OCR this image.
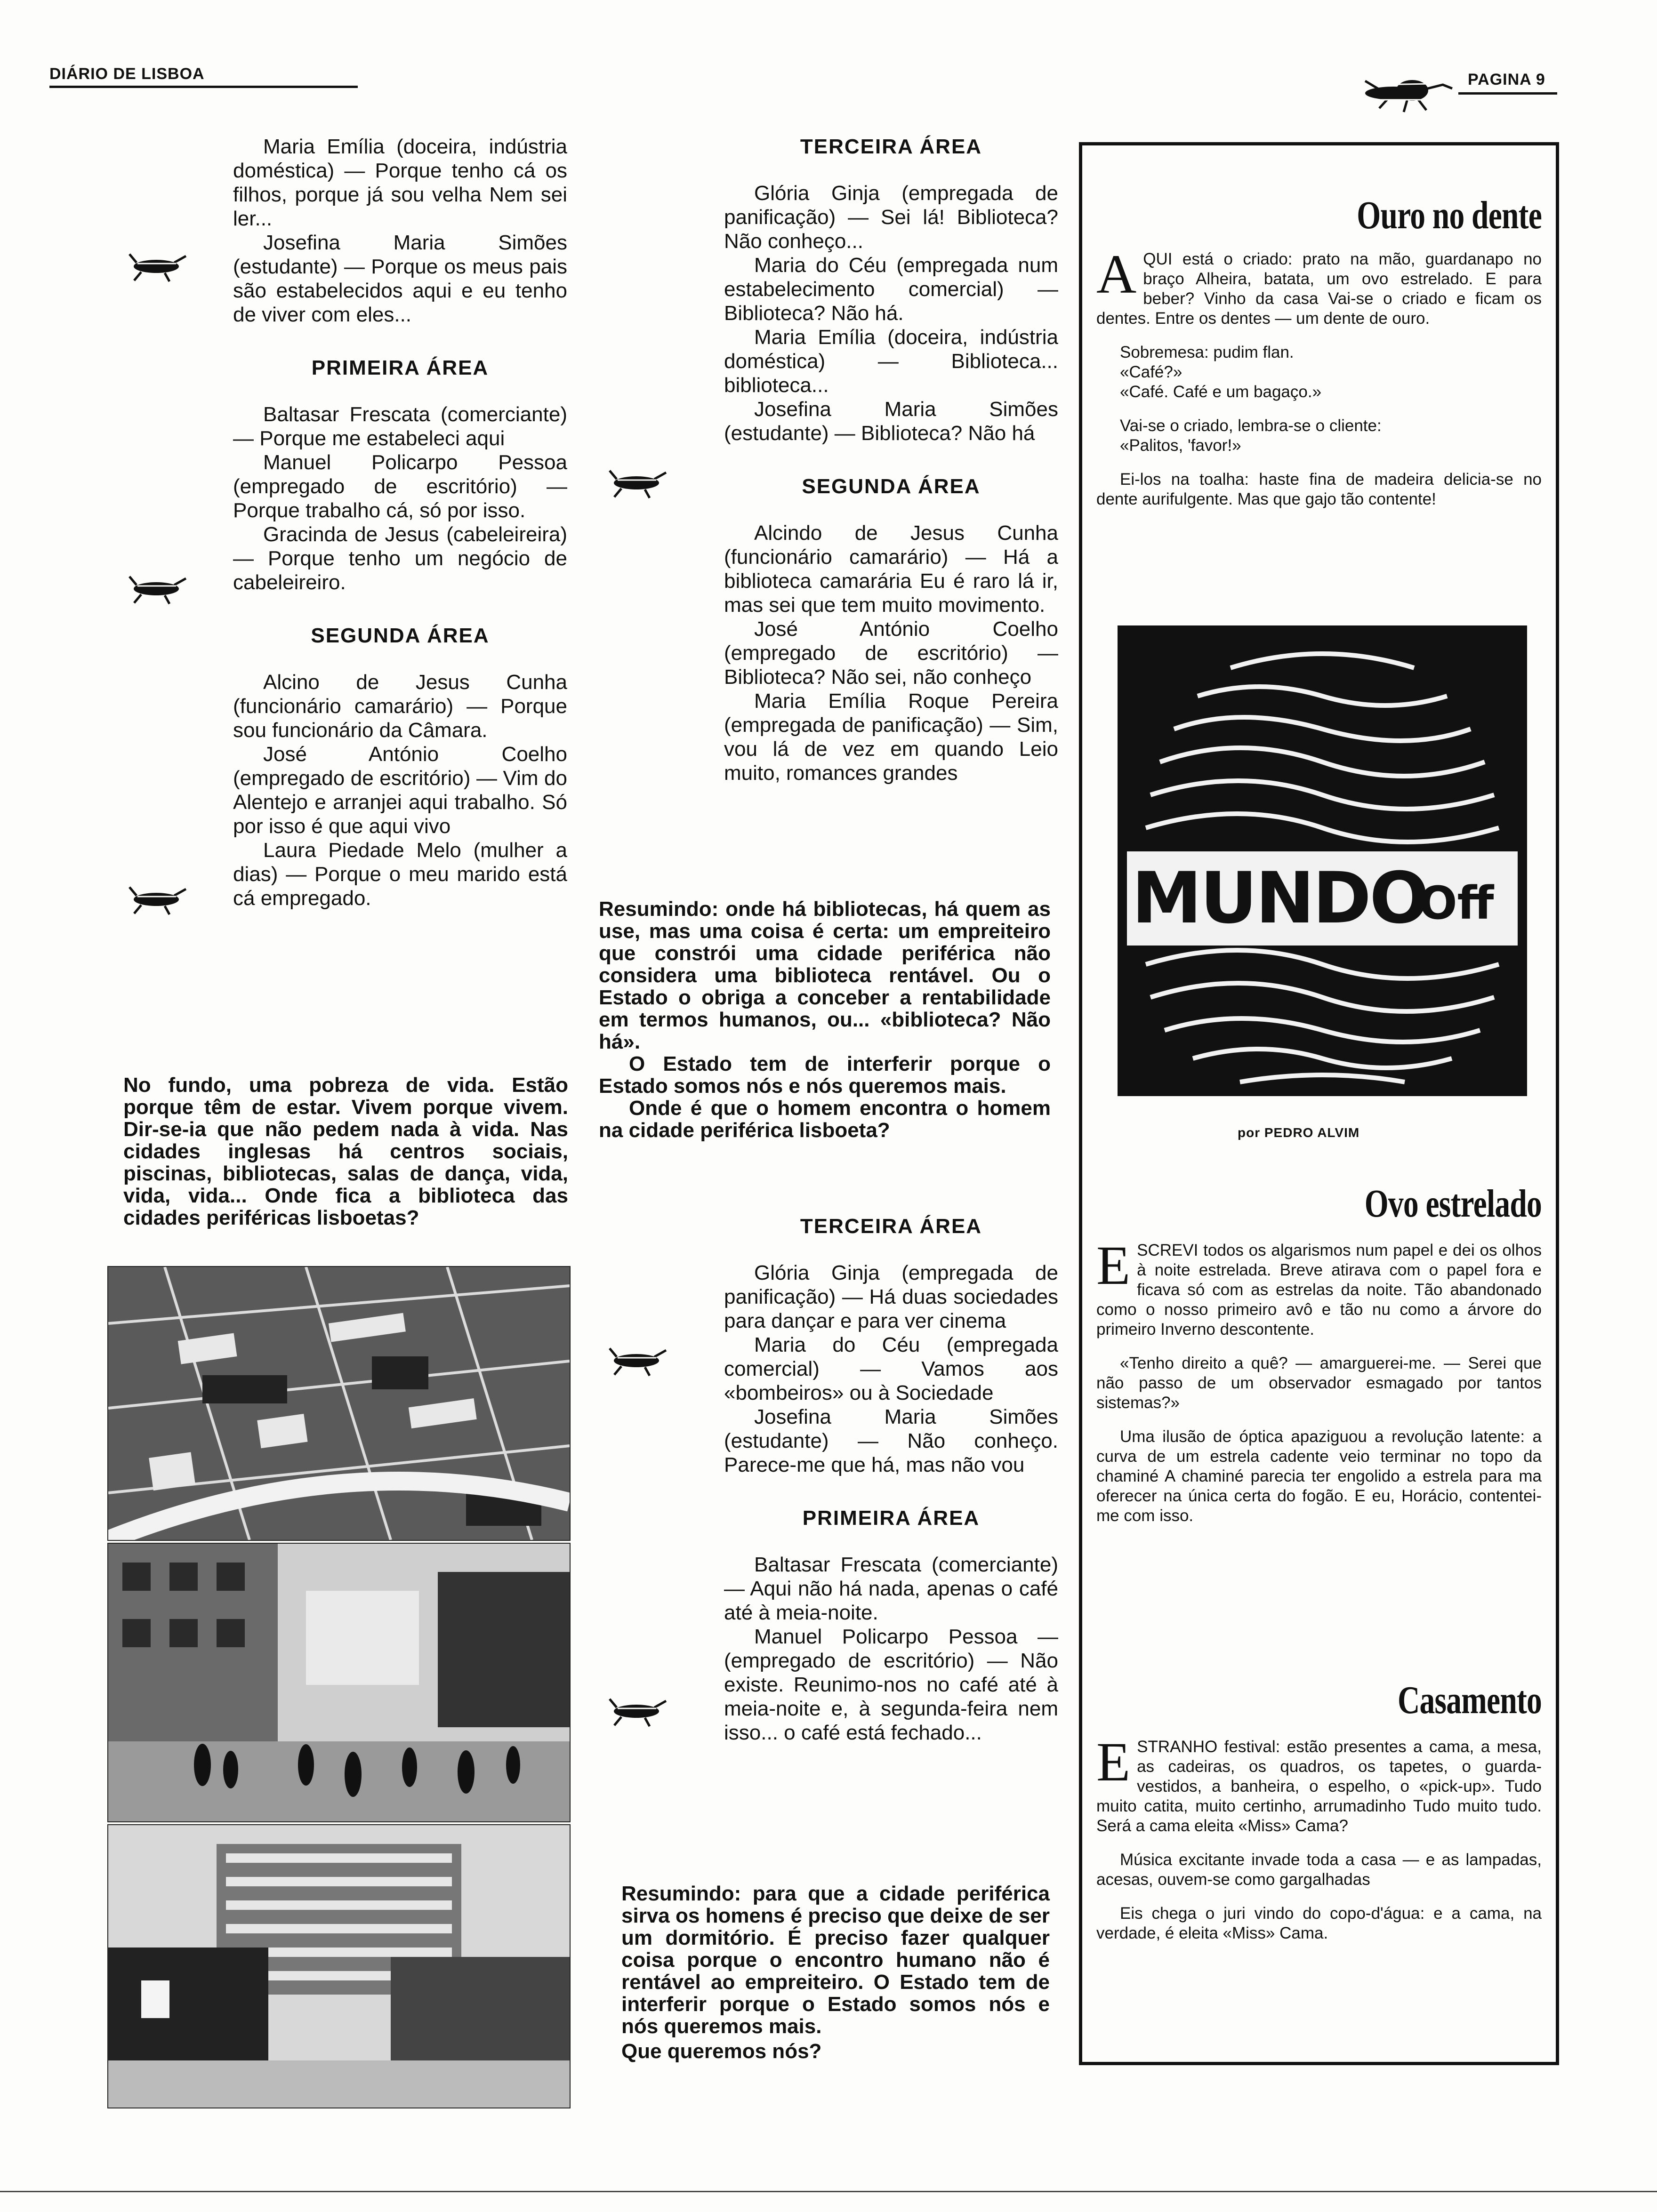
DIÁRIO DE LISBOA	PAGINA 9

Maria Emília (doceira, indústria doméstica) — Porque tenho cá os filhos, porque já sou velha Nem sei ler...

Josefina Maria Simões (estudante) — Porque os meus pais são estabelecidos aqui e eu tenho de viver com eles...

PRIMEIRA ÁREA

Baltasar Frescata (comerciante) — Porque me estabeleci aqui

Manuel Policarpo Pessoa (empregado de escritório) — Porque trabalho cá, só por isso.

Gracinda de Jesus (cabeleireira) — Porque tenho um negócio de cabeleireiro.

SEGUNDA ÁREA

Alcino de Jesus Cunha (funcionário camarário) — Porque sou funcionário da Câmara.

José António Coelho (empregado de escritório) — Vim do Alentejo e arranjei aqui trabalho. Só por isso é que aqui vivo

Laura Piedade Melo (mulher a dias) — Porque o meu marido está cá empregado.

No fundo, uma pobreza de vida. Estão porque têm de estar. Vivem porque vivem. Dir-se-ia que não pedem nada à vida. Nas cidades inglesas há centros sociais, piscinas, bibliotecas, salas de dança, vida, vida, vida... Onde fica a biblioteca das cidades periféricas lisboetas?

TERCEIRA ÁREA

Glória Ginja (empregada de panificação) — Sei lá! Biblioteca? Não conheço...

Maria do Céu (empregada num estabelecimento comercial) — Biblioteca? Não há.

Maria Emília (doceira, indústria doméstica) — Biblioteca... biblioteca...

Josefina Maria Simões (estudante) — Biblioteca? Não há

SEGUNDA ÁREA

Alcindo de Jesus Cunha (funcionário camarário) — Há a biblioteca camarária Eu é raro lá ir, mas sei que tem muito movimento.

José António Coelho (empregado de escritório) — Biblioteca? Não sei, não conheço

Maria Emília Roque Pereira (empregada de panificação) — Sim, vou lá de vez em quando Leio muito, romances grandes

Resumindo: onde há bibliotecas, há quem as use, mas uma coisa é certa: um empreiteiro que constrói uma cidade periférica não considera uma biblioteca rentável. Ou o Estado o obriga a conceber a rentabilidade em termos humanos, ou... «biblioteca? Não há».

O Estado tem de interferir porque o Estado somos nós e nós queremos mais.

Onde é que o homem encontra o homem na cidade periférica lisboeta?

TERCEIRA ÁREA

Glória Ginja (empregada de panificação) — Há duas sociedades para dançar e para ver cinema

Maria do Céu (empregada comercial) — Vamos aos «bombeiros» ou à Sociedade

Josefina Maria Simões (estudante) — Não conheço. Parece-me que há, mas não vou

PRIMEIRA ÁREA

Baltasar Frescata (comerciante) — Aqui não há nada, apenas o café até à meia-noite.

Manuel Policarpo Pessoa — (empregado de escritório) — Não existe. Reunimo-nos no café até à meia-noite e, à segunda-feira nem isso... o café está fechado...

Resumindo: para que a cidade periférica sirva os homens é preciso que deixe de ser um dormitório. É preciso fazer qualquer coisa porque o encontro humano não é rentável ao empreiteiro. O Estado tem de interferir porque o Estado somos nós e nós queremos mais.

Que queremos nós?

Ouro no dente

AQUI está o criado: prato na mão, guardanapo no braço Alheira, batata, um ovo estrelado. E para beber? Vinho da casa Vai-se o criado e ficam os dentes. Entre os dentes — um dente de ouro.

Sobremesa: pudim flan.

«Café?»

«Café. Café e um bagaço.»

Vai-se o criado, lembra-se o cliente:

«Palitos, 'favor!»

Ei-los na toalha: haste fina de madeira delicia-se no dente aurifulgente. Mas que gajo tão contente!

MUNDO
Off
por PEDRO ALVIM
Ovo estrelado

ESCREVI todos os algarismos num papel e dei os olhos à noite estrelada. Breve atirava com o papel fora e ficava só com as estrelas da noite. Tão abandonado como o nosso primeiro avô e tão nu como a árvore do primeiro Inverno descontente.

«Tenho direito a quê? — amarguerei-me. — Serei que não passo de um observador esmagado por tantos sistemas?»

Uma ilusão de óptica apaziguou a revolução latente: a curva de um estrela cadente veio terminar no topo da chaminé A chaminé parecia ter engolido a estrela para ma oferecer na única certa do fogão. E eu, Horácio, contentei-me com isso.

Casamento

ESTRANHO festival: estão presentes a cama, a mesa, as cadeiras, os quadros, os tapetes, o guarda-vestidos, a banheira, o espelho, o «pick-up». Tudo muito catita, muito certinho, arrumadinho Tudo muito tudo. Será a cama eleita «Miss» Cama?

Música excitante invade toda a casa — e as lampadas, acesas, ouvem-se como gargalhadas

Eis chega o juri vindo do copo-d'água: e a cama, na verdade, é eleita «Miss» Cama.
